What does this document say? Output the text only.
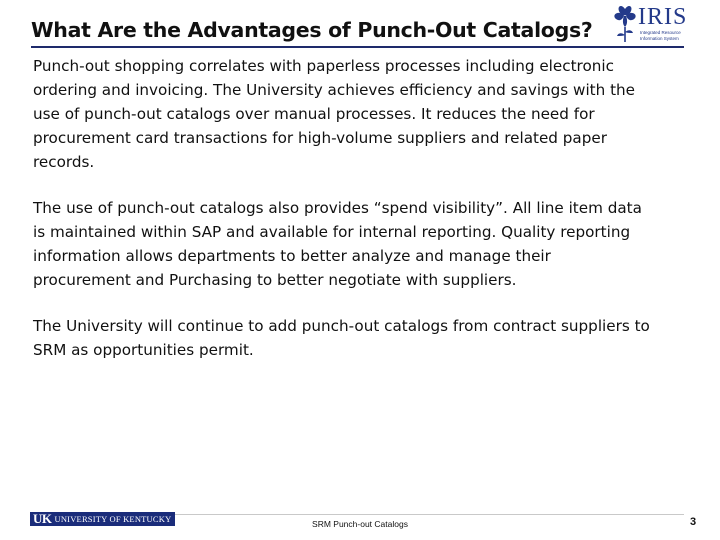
What Are the Advantages of Punch-Out Catalogs?	IRIS
Integrated Resource Information System

Punch-out shopping correlates with paperless processes including electronic ordering and invoicing. The University achieves efficiency and savings with the use of punch-out catalogs over manual processes. It reduces the need for procurement card transactions for high-volume suppliers and related paper records.

The use of punch-out catalogs also provides “spend visibility”. All line item data is maintained within SAP and available for internal reporting. Quality reporting information allows departments to better analyze and manage their procurement and Purchasing to better negotiate with suppliers.

The University will continue to add punch-out catalogs from contract suppliers to SRM as opportunities permit.

UK UNIVERSITY OF KENTUCKY	SRM Punch-out Catalogs	3
